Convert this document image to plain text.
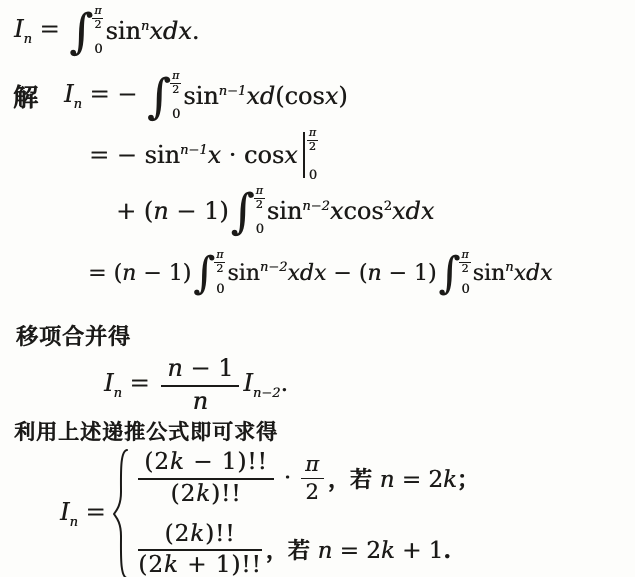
$I_n$ = ∫ $\frac{\pi}{2}$
0
$\sin^nxdx$.
解 $I_n$ = − ∫ $\frac{\pi}{2}$
0
$\sin^{n-1}xd(\cos x)$
= − $\sin^{n-1}x \cdot \cos x$
$\frac{\pi}{2}$
0
+ (n − 1) ∫ $\frac{\pi}{2}$
0
$\sin^{n-2}xcos^2xdx$
= (n − 1) ∫ $\frac{\pi}{2}$
0
$\sin^{n-2}xdx - (n - 1)$ ∫ $\frac{\pi}{2}$
0
$\sin^nxdx$
移项合并得
$I_n = \frac{n - 1}{n} I_{n-2}$.
利用上述递推公式即可求得
$I_n$ =
$\frac{(2k - 1)!!}{(2k)!!} \cdot \frac{\pi}{2}$ ，若 n = 2k；
$\frac{(2k)!!}{(2k + 1)!!}$ ，若 n = 2k + 1.
